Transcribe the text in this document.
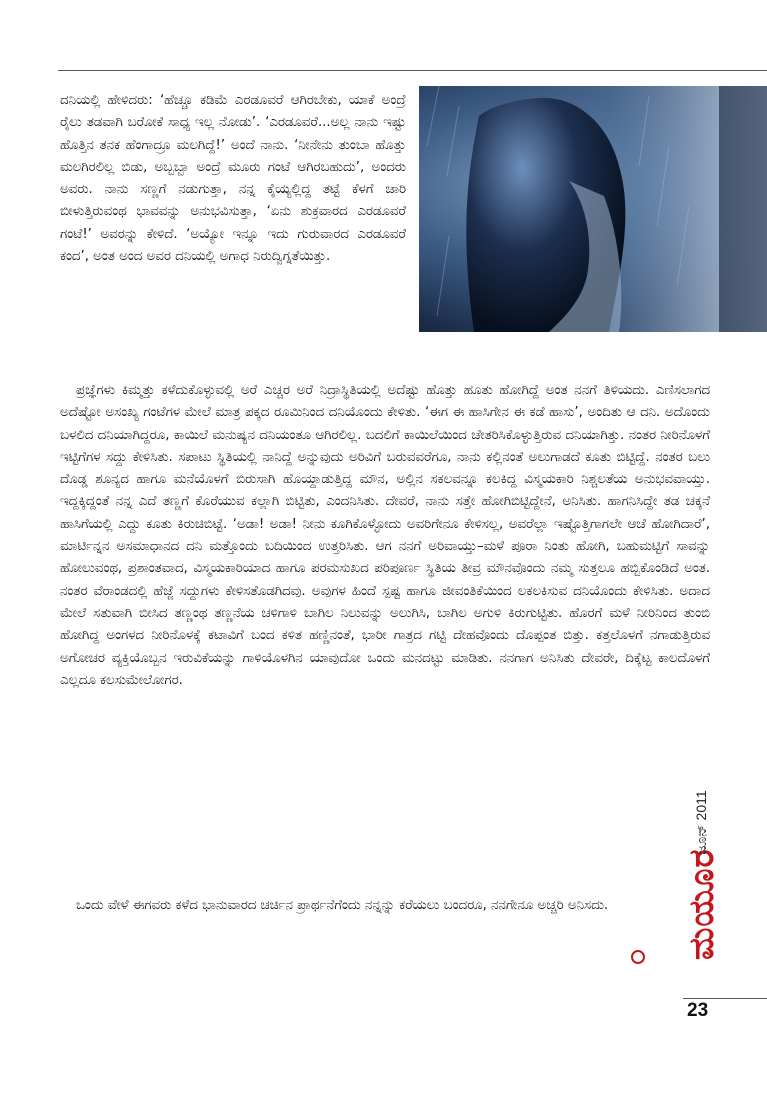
ದನಿಯಲ್ಲಿ ಹೇಳಿದರು: ‘ಹೆಚ್ಚೂ ಕಡಿಮೆ ಎರಡೂವರೆ ಆಗಿರಬೇಕು, ಯಾಕೆ ಅಂದ್ರೆ ರೈಲು ತಡವಾಗಿ ಬರೋಕೆ ಸಾಧ್ಯ ಇಲ್ಲ ನೋಡು’. ‘ಎರಡೂವರೆ...ಅಲ್ಲ ನಾನು ಇಷ್ಟು ಹೊತ್ತಿನ ತನಕ ಹೆಂಗಾದ್ರೂ ಮಲಗಿದ್ದೆ!’ ಅಂದೆ ನಾನು. ‘ನೀನೇನು ತುಂಬಾ ಹೊತ್ತು ಮಲಗಿರಲಿಲ್ಲ ಬಿಡು, ಅಬ್ಬಬ್ಬಾ ಅಂದ್ರೆ ಮೂರು ಗಂಟೆ ಆಗಿರಬಹುದು’, ಅಂದರು ಅವರು. ನಾನು ಸಣ್ಣಗೆ ನಡುಗುತ್ತಾ, ನನ್ನ ಕೈಯ್ಯಲ್ಲಿದ್ದ ತಟ್ಟೆ ಕೆಳಗೆ ಜಾರಿ ಬೀಳುತ್ತಿರುವಂಥ ಭಾವವನ್ನು ಅನುಭವಿಸುತ್ತಾ, ‘ಏನು ಶುಕ್ರವಾರದ ಎರಡೂವರೆ ಗಂಟೆ!’ ಅವರನ್ನು ಕೇಳಿದೆ. ‘ಅಯ್ಯೋ ಇನ್ನೂ ಇದು ಗುರುವಾರದ ಎರಡೂವರೆ ಕಂದ’, ಅಂತ ಅಂದ ಅವರ ದನಿಯಲ್ಲಿ ಅಗಾಧ ನಿರುದ್ವಿಗ್ನತೆಯಿತ್ತು.

ಪ್ರಜ್ಞೆಗಳು ಕಿಮ್ಮತ್ತು ಕಳೆದುಕೊಳ್ಳುವಲ್ಲಿ ಅರೆ ಎಚ್ಚರ ಅರೆ ನಿದ್ರಾಸ್ಥಿತಿಯಲ್ಲಿ ಅದೆಷ್ಟು ಹೊತ್ತು ಹೂತು ಹೋಗಿದ್ದೆ ಅಂತ ನನಗೆ ತಿಳಿಯದು. ಎಣಿಸಲಾಗದ ಅದೆಷ್ಟೋ ಅಸಂಖ್ಯ ಗಂಟೆಗಳ ಮೇಲೆ ಮಾತ್ರ ಪಕ್ಕದ ರೂಮಿನಿಂದ ದನಿಯೊಂದು ಕೇಳಿತು. ‘ಈಗ ಈ ಹಾಸಿಗೇನ ಈ ಕಡೆ ಹಾಸು’, ಅಂದಿತು ಆ ದನಿ. ಅದೊಂದು ಬಳಲಿದ ದನಿಯಾಗಿದ್ದರೂ, ಕಾಯಿಲೆ ಮನುಷ್ಯನ ದನಿಯಂತೂ ಆಗಿರಲಿಲ್ಲ. ಬದಲಿಗೆ ಕಾಯಿಲೆಯಿಂದ ಚೇತರಿಸಿಕೊಳ್ಳುತ್ತಿರುವ ದನಿಯಾಗಿತ್ತು. ನಂತರ ನೀರಿನೊಳಗೆ ಇಟ್ಟಿಗೆಗಳ ಸದ್ದು ಕೇಳಿಸಿತು. ಸಪಾಟು ಸ್ಥಿತಿಯಲ್ಲಿ ನಾನಿದ್ದೆ ಅನ್ನುವುದು ಅರಿವಿಗೆ ಬರುವವರೆಗೂ, ನಾನು ಕಲ್ಲಿನಂತೆ ಅಲುಗಾಡದೆ ಕೂತು ಬಿಟ್ಟಿದ್ದೆ. ನಂತರ ಬಲು ದೊಡ್ಡ ಶೂನ್ಯದ ಹಾಗೂ ಮನೆಯೊಳಗೆ ಬಿರುಸಾಗಿ ಹೊಯ್ದಾಡುತ್ತಿದ್ದ ಮೌನ, ಅಲ್ಲಿನ ಸಕಲವನ್ನೂ ಕಲಕಿದ್ದ ವಿಸ್ಮಯಕಾರಿ ನಿಶ್ಚಲತೆಯ ಅನುಭವವಾಯ್ತು. ಇದ್ದಕ್ಕಿದ್ದಂತೆ ನನ್ನ ಎದೆ ತಣ್ಣಗೆ ಕೊರೆಯುವ ಕಲ್ಲಾಗಿ ಬಿಟ್ಟಿತು, ಎಂದನಿಸಿತು. ದೇವರೆ, ನಾನು ಸತ್ತೇ ಹೋಗಿಬಿಟ್ಟಿದ್ದೇನೆ, ಅನಿಸಿತು. ಹಾಗನಿಸಿದ್ದೇ ತಡ ಚಕ್ಕನೆ ಹಾಸಿಗೆಯಲ್ಲಿ ಎದ್ದು ಕೂತು ಕಿರುಚಿಬಿಟ್ಟೆ. ‘ಅಡಾ! ಅಡಾ! ನೀನು ಕೂಗಿಕೊಳ್ಳೋದು ಅವರಿಗೇನೂ ಕೇಳಿಸಲ್ಲ, ಅವರೆಲ್ಲಾ ಇಷ್ಟೊತ್ತಿಗಾಗಲೇ ಆಚೆ ಹೋಗಿದಾರೆ’, ಮಾರ್ಟಿನ್ನನ ಅಸಮಾಧಾನದ ದನಿ ಮತ್ತೊಂದು ಬದಿಯಿಂದ ಉತ್ತರಿಸಿತು. ಆಗ ನನಗೆ ಅರಿವಾಯ್ತು–ಮಳೆ ಪೂರಾ ನಿಂತು ಹೋಗಿ, ಬಹುಮಟ್ಟಿಗೆ ಸಾವನ್ನು ಹೋಲುವಂಥ, ಪ್ರಶಾಂತವಾದ, ವಿಸ್ಮಯಕಾರಿಯಾದ ಹಾಗೂ ಪರಮಸುಖದ ಪರಿಪೂರ್ಣ ಸ್ಥಿತಿಯ ತೀವ್ರ ಮೌನವೊಂದು ನಮ್ಮ ಸುತ್ತಲೂ ಹಬ್ಬಿಕೊಂಡಿದೆ ಅಂತ. ನಂತರ ವೆರಾಂಡದಲ್ಲಿ ಹೆಜ್ಜೆ ಸದ್ದುಗಳು ಕೇಳಿಸತೊಡಗಿದವು. ಅವುಗಳ ಹಿಂದೆ ಸ್ಪಷ್ಟ ಹಾಗೂ ಜೀವಂತಿಕೆಯಿಂದ ಲಕಲಕಿಸುವ ದನಿಯೊಂದು ಕೇಳಿಸಿತು. ಅದಾದ ಮೇಲೆ ಸತುವಾಗಿ ಬೀಸಿದ ತಣ್ಣಂಥ ತಣ್ಣನೆಯ ಚಳಿಗಾಳಿ ಬಾಗಿಲ ನಿಲುವನ್ನು ಅಲುಗಿಸಿ, ಬಾಗಿಲ ಅಗುಳಿ ಕಿರುಗುಟ್ಟಿತು. ಹೊರಗೆ ಮಳೆ ನೀರಿನಿಂದ ತುಂಬಿ ಹೋಗಿದ್ದ ಅಂಗಳದ ನೀರಿನೊಳಕ್ಕೆ ಕಟಾವಿಗೆ ಬಂದ ಕಳಿತ ಹಣ್ಣಿನಂತೆ, ಭಾರೀ ಗಾತ್ರದ ಗಟ್ಟಿ ದೇಹವೊಂದು ದೊಪ್ಪಂತ ಬಿತ್ತು. ಕತ್ತಲೊಳಗೆ ನಗಾಡುತ್ತಿರುವ ಅಗೋಚರ ವ್ಯಕ್ತಿಯೊಬ್ಬನ ಇರುವಿಕೆಯನ್ನು ಗಾಳಿಯೊಳಗಿನ ಯಾವುದೋ ಒಂದು ಮನದಟ್ಟು ಮಾಡಿತು. ನನಗಾಗ ಅನಿಸಿತು ದೇವರೇ, ದಿಕ್ಕೆಟ್ಟ ಕಾಲದೊಳಗೆ ಎಲ್ಲದೂ ಕಲಸುಮೇಲೋಗರ.

ಒಂದು ವೇಳೆ ಈಗವರು ಕಳೆದ ಭಾನುವಾರದ ಚರ್ಚಿನ ಪ್ರಾರ್ಥನೆಗೆಂದು ನನ್ನನ್ನು ಕರೆಯಲು ಬಂದರೂ, ನನಗೇನೂ ಅಚ್ಚರಿ ಅನಿಸದು.	ಮಯೂರ
ಜೂನ್ 2011
23
